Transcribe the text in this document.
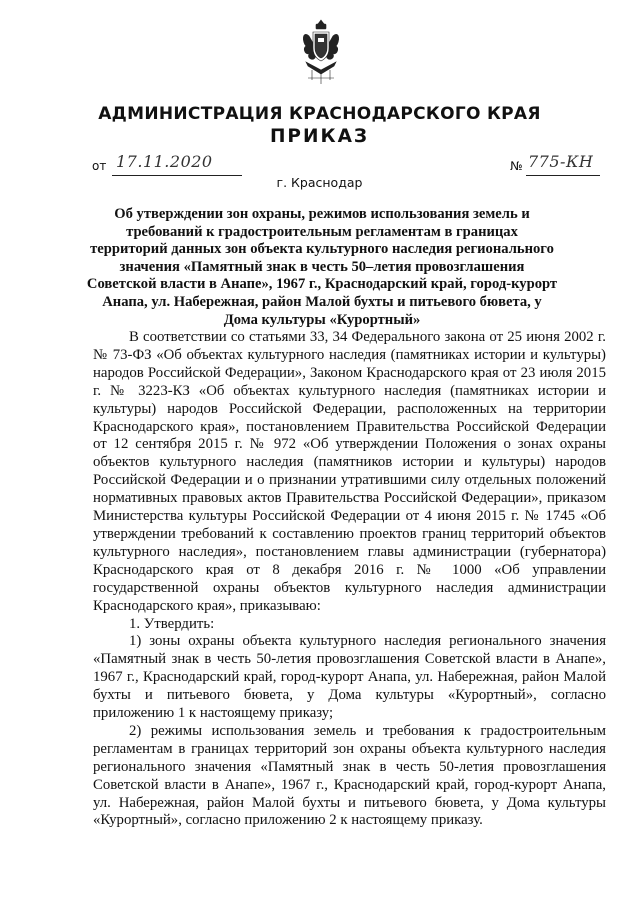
АДМИНИСТРАЦИЯ КРАСНОДАРСКОГО КРАЯ
ПРИКАЗ
от 17.11.2020	№ 775-КН
г. Краснодар
Об утверждении зон охраны, режимов использования земель и требований к градостроительным регламентам в границах территорий данных зон объекта культурного наследия регионального значения «Памятный знак в честь 50–летия провозглашения Советской власти в Анапе», 1967 г., Краснодарский край, город-курорт Анапа, ул. Набережная, район Малой бухты и питьевого бювета, у Дома культуры «Курортный»

В соответствии со статьями 33, 34 Федерального закона от 25 июня 2002 г. № 73-ФЗ «Об объектах культурного наследия (памятниках истории и культуры) народов Российской Федерации», Законом Краснодарского края от 23 июля 2015 г. № 3223-КЗ «Об объектах культурного наследия (памятниках истории и культуры) народов Российской Федерации, расположенных на территории Краснодарского края», постановлением Правительства Российской Федерации от 12 сентября 2015 г. № 972 «Об утверждении Положения о зонах охраны объектов культурного наследия (памятников истории и культуры) народов Российской Федерации и о признании утратившими силу отдельных положений нормативных правовых актов Правительства Российской Федерации», приказом Министерства культуры Российской Федерации от 4 июня 2015 г. № 1745 «Об утверждении требований к составлению проектов границ территорий объектов культурного наследия», постановлением главы администрации (губернатора) Краснодарского края от 8 декабря 2016 г. № 1000 «Об управлении государственной охраны объектов культурного наследия администрации Краснодарского края», приказываю:

1. Утвердить:

1) зоны охраны объекта культурного наследия регионального значения «Памятный знак в честь 50-летия провозглашения Советской власти в Анапе», 1967 г., Краснодарский край, город-курорт Анапа, ул. Набережная, район Малой бухты и питьевого бювета, у Дома культуры «Курортный», согласно приложению 1 к настоящему приказу;

2) режимы использования земель и требования к градостроительным регламентам в границах территорий зон охраны объекта культурного наследия регионального значения «Памятный знак в честь 50-летия провозглашения Советской власти в Анапе», 1967 г., Краснодарский край, город-курорт Анапа, ул. Набережная, район Малой бухты и питьевого бювета, у Дома культуры «Курортный», согласно приложению 2 к настоящему приказу.
